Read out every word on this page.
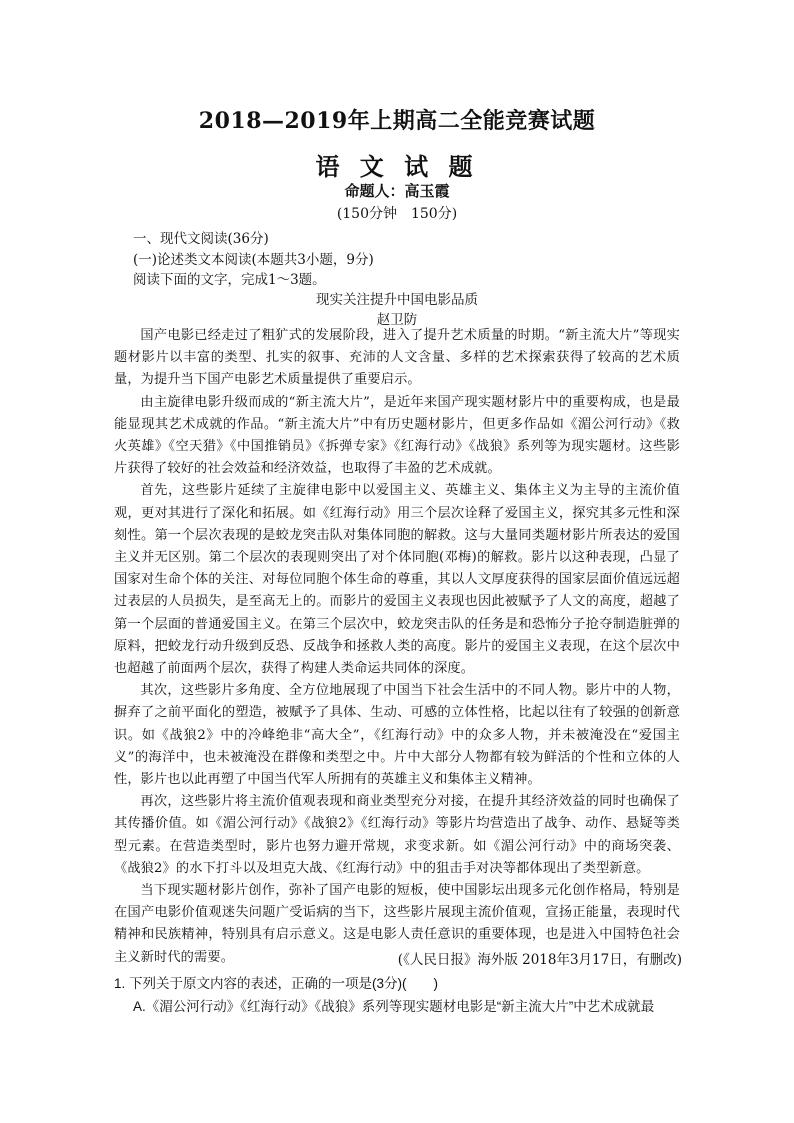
2018—2019年上期高二全能竞赛试题
语 文 试 题
命题人：高玉霞
(150分钟　150分)
一、现代文阅读(36分)
(一)论述类文本阅读(本题共3小题，9分)
阅读下面的文字，完成1～3题。
现实关注提升中国电影品质
赵卫防

国产电影已经走过了粗犷式的发展阶段，进入了提升艺术质量的时期。“新主流大片”等现实题材影片以丰富的类型、扎实的叙事、充沛的人文含量、多样的艺术探索获得了较高的艺术质量，为提升当下国产电影艺术质量提供了重要启示。

由主旋律电影升级而成的“新主流大片”，是近年来国产现实题材影片中的重要构成，也是最能显现其艺术成就的作品。“新主流大片”中有历史题材影片，但更多作品如《湄公河行动》《救火英雄》《空天猎》《中国推销员》《拆弹专家》《红海行动》《战狼》系列等为现实题材。这些影片获得了较好的社会效益和经济效益，也取得了丰盈的艺术成就。

首先，这些影片延续了主旋律电影中以爱国主义、英雄主义、集体主义为主导的主流价值观，更对其进行了深化和拓展。如《红海行动》用三个层次诠释了爱国主义，探究其多元性和深刻性。第一个层次表现的是蛟龙突击队对集体同胞的解救。这与大量同类题材影片所表达的爱国主义并无区别。第二个层次的表现则突出了对个体同胞(邓梅)的解救。影片以这种表现，凸显了国家对生命个体的关注、对每位同胞个体生命的尊重，其以人文厚度获得的国家层面价值远远超过表层的人员损失，是至高无上的。而影片的爱国主义表现也因此被赋予了人文的高度，超越了第一个层面的普通爱国主义。在第三个层次中，蛟龙突击队的任务是和恐怖分子抢夺制造脏弹的原料，把蛟龙行动升级到反恐、反战争和拯救人类的高度。影片的爱国主义表现，在这个层次中也超越了前面两个层次，获得了构建人类命运共同体的深度。

其次，这些影片多角度、全方位地展现了中国当下社会生活中的不同人物。影片中的人物，摒弃了之前平面化的塑造，被赋予了具体、生动、可感的立体性格，比起以往有了较强的创新意识。如《战狼2》中的冷峰绝非“高大全”，《红海行动》中的众多人物，并未被淹没在“爱国主义”的海洋中，也未被淹没在群像和类型之中。片中大部分人物都有较为鲜活的个性和立体的人性，影片也以此再塑了中国当代军人所拥有的英雄主义和集体主义精神。

再次，这些影片将主流价值观表现和商业类型充分对接，在提升其经济效益的同时也确保了其传播价值。如《湄公河行动》《战狼2》《红海行动》等影片均营造出了战争、动作、悬疑等类型元素。在营造类型时，影片也努力避开常规，求变求新。如《湄公河行动》中的商场突袭、《战狼2》的水下打斗以及坦克大战、《红海行动》中的狙击手对决等都体现出了类型新意。

当下现实题材影片创作，弥补了国产电影的短板，使中国影坛出现多元化创作格局，特别是在国产电影价值观迷失问题广受诟病的当下，这些影片展现主流价值观，宣扬正能量，表现时代精神和民族精神，特别具有启示意义。这是电影人责任意识的重要体现，也是进入中国特色社会主义新时代的需要。	(《人民日报》海外版 2018年3月17日，有删改)
1. 下列关于原文内容的表述，正确的一项是(3分)(　　)
A.《湄公河行动》《红海行动》《战狼》系列等现实题材电影是“新主流大片”中艺术成就最
